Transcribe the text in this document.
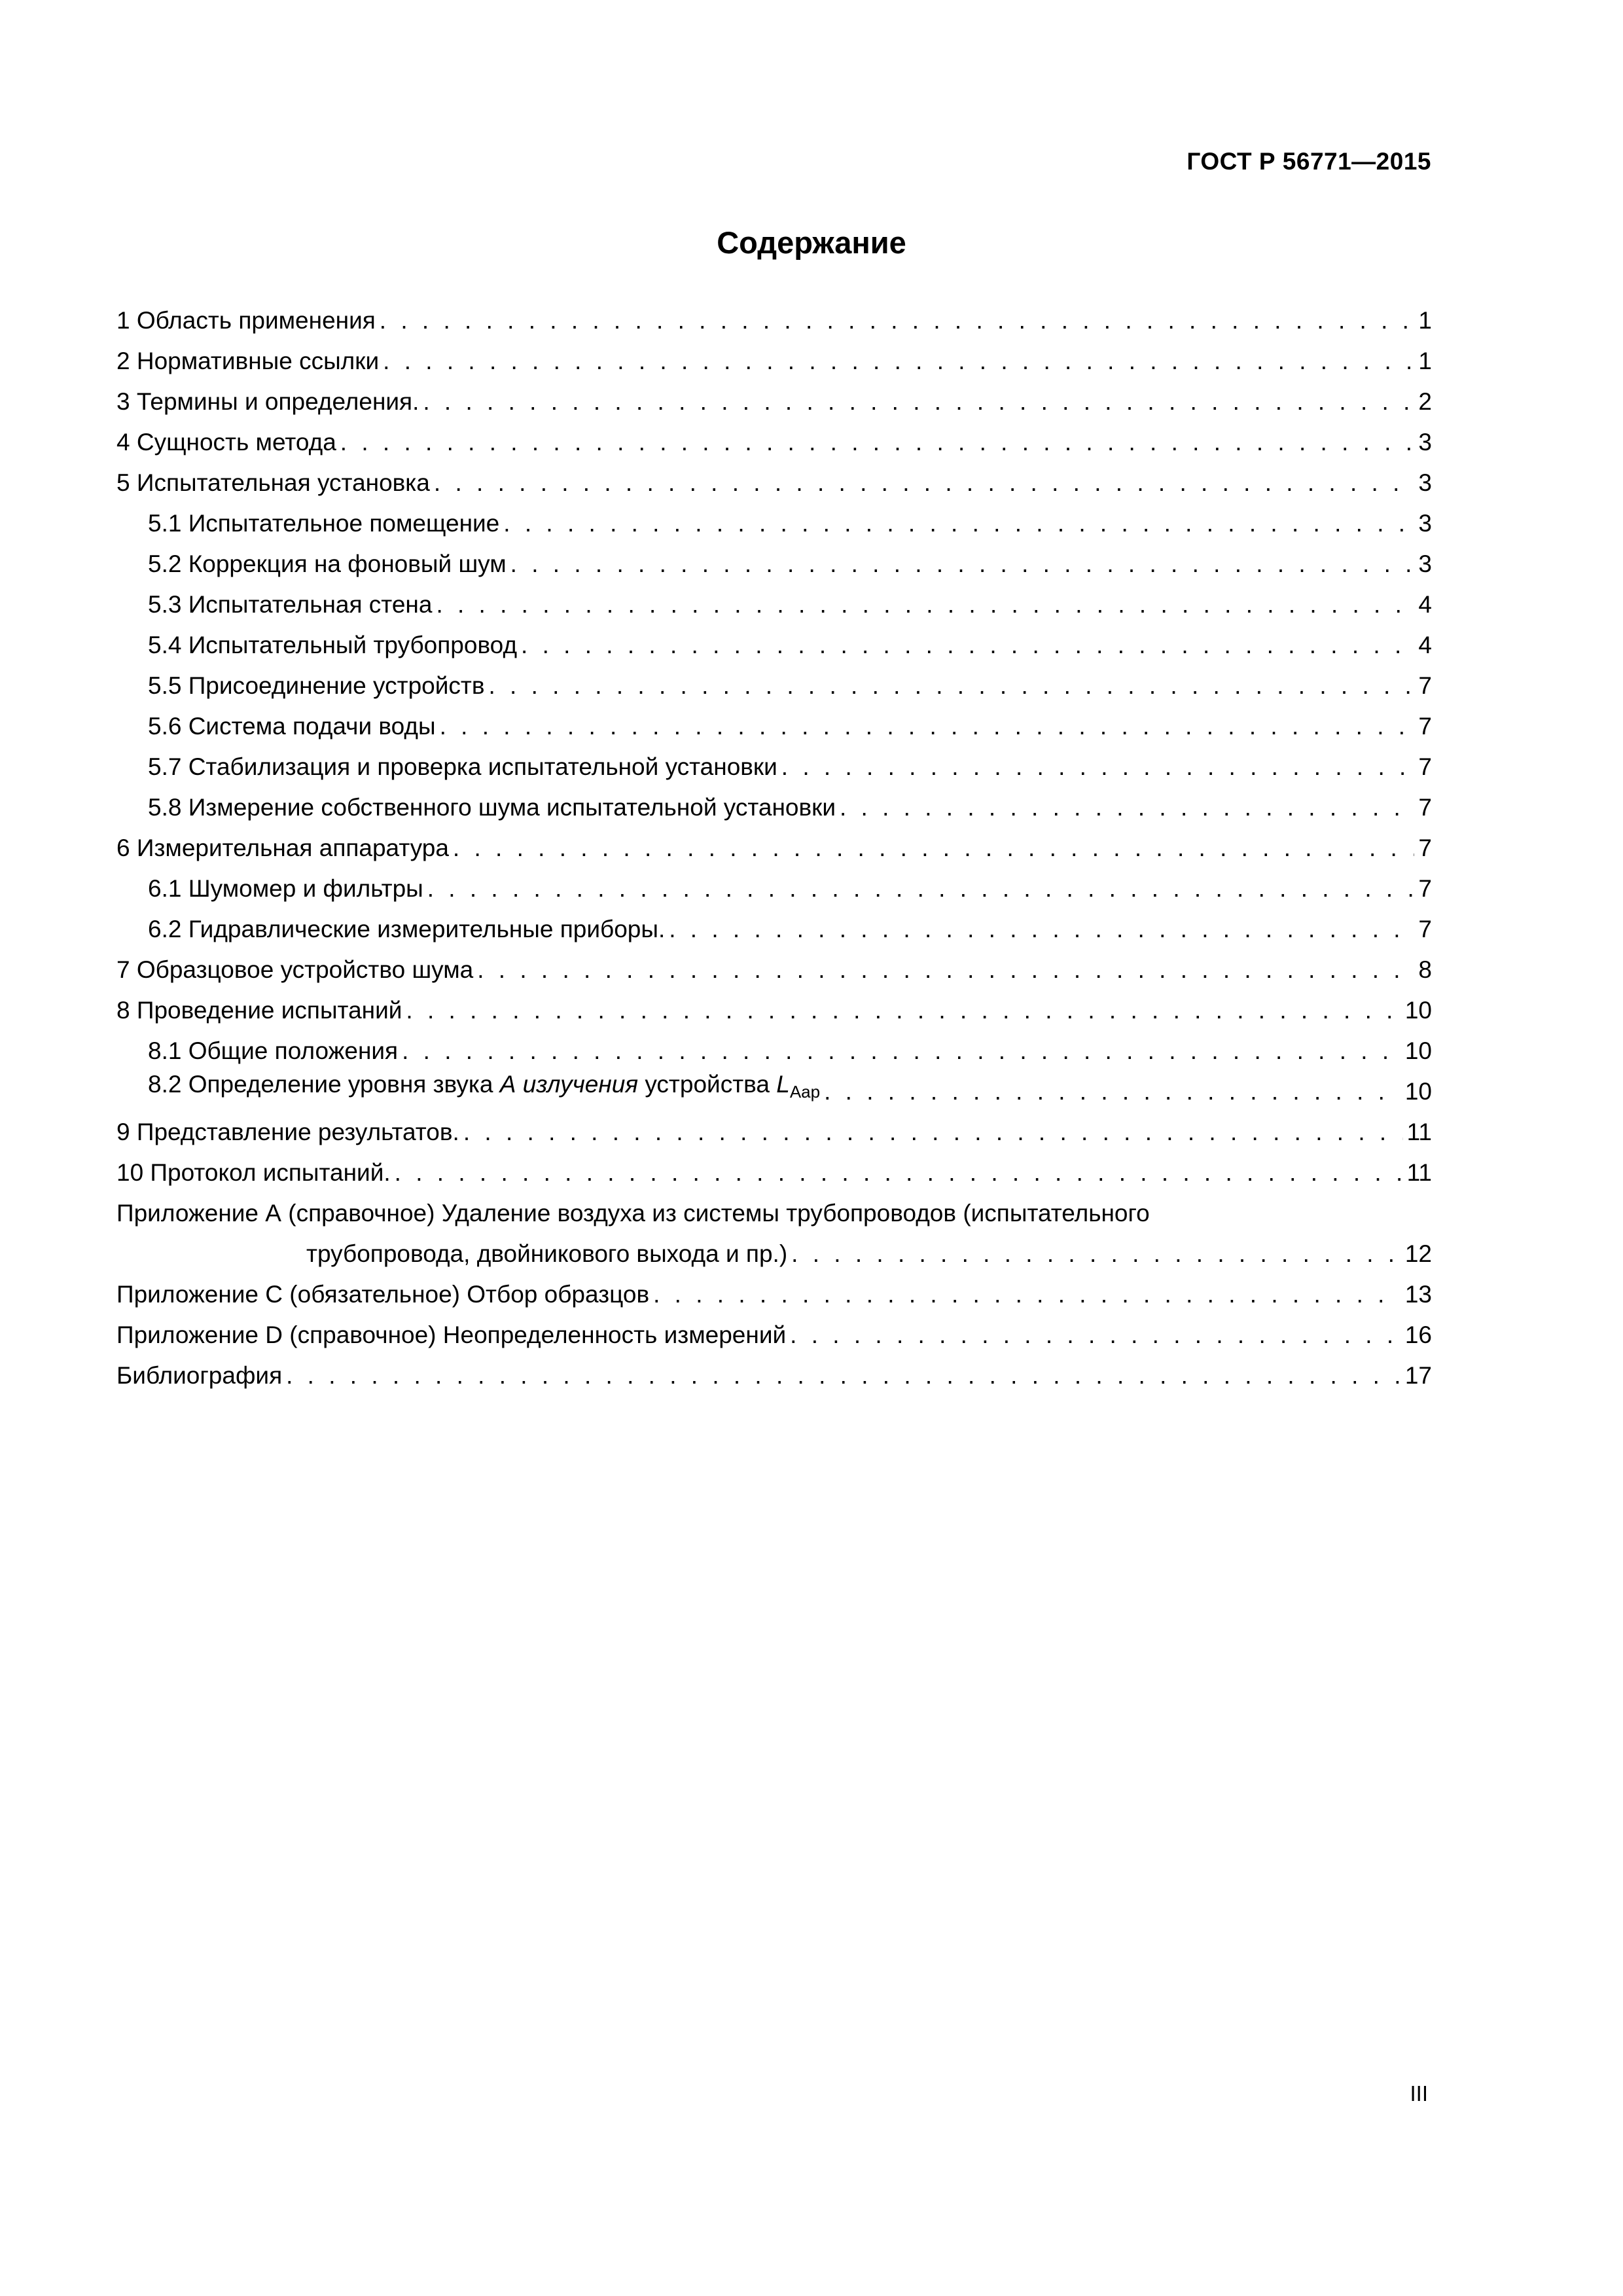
ГОСТ Р 56771—2015
Содержание
1 Область применения . . .	1
2 Нормативные ссылки . . .	1
3 Термины и определения. . . .	2
4 Сущность метода . . .	3
5 Испытательная установка . . .	3
5.1 Испытательное помещение . . .	3
5.2 Коррекция на фоновый шум . . .	3
5.3 Испытательная стена . . .	4
5.4 Испытательный трубопровод . . .	4
5.5 Присоединение устройств . . .	7
5.6 Система подачи воды . . .	7
5.7 Стабилизация и проверка испытательной установки . . .	7
5.8 Измерение собственного шума испытательной установки . . .	7
6 Измерительная аппаратура . . .	7
6.1 Шумомер и фильтры . . .	7
6.2 Гидравлические измерительные приборы. . . .	7
7 Образцовое устройство шума . . .	8
8 Проведение испытаний . . .	10
8.1 Общие положения . . .	10
8.2 Определение уровня звука А излучения устройства $L_{Aap}$ . . .	10
9 Представление результатов. . . .	11
10 Протокол испытаний. . . .	11
Приложение А (справочное) Удаление воздуха из системы трубопроводов (испытательного
трубопровода, двойникового выхода и пр.) . . .	12
Приложение С (обязательное) Отбор образцов . . .	13
Приложение D (справочное) Неопределенность измерений . . .	16
Библиография . . .	17
III
